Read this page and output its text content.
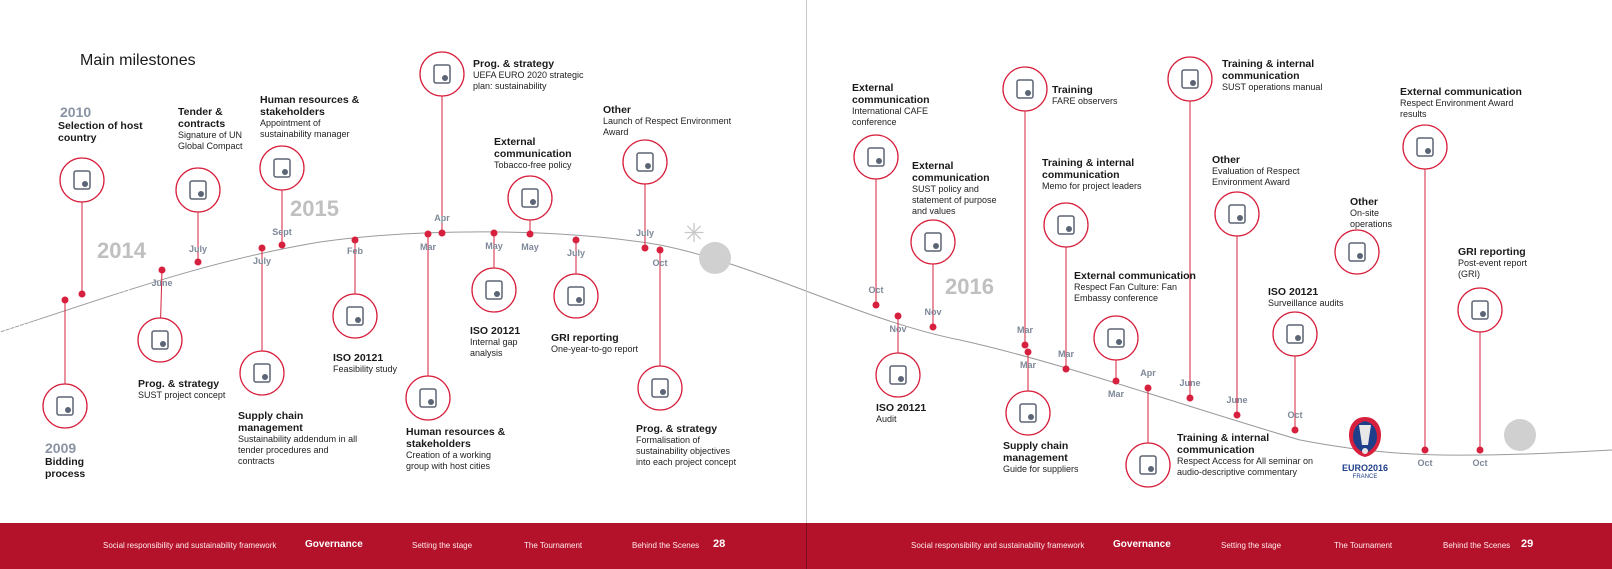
June
July
July
Sept
Feb
Apr
Mar	May May
July
July
Oct
Oct
Nov
Nov
Mar
Mar
Mar
Mar
Apr
June
June
Oct
Oct	Oct
✳
Main milestones
2010
Selection of host country
2009
Bidding process
2014
2015
2016
Tender & contracts
Signature of UN Global Compact
Human resources & stakeholders
Appointment of sustainability manager
Prog. & strategy
UEFA EURO 2020 strategic plan: sustainability
External communication
Tobacco-free policy
Other
Launch of Respect Environment Award
Prog. & strategy
SUST project concept
Supply chain management
Sustainability addendum in all tender procedures and contracts
ISO 20121
Feasibility study
Human resources & stakeholders
Creation of a working group with host cities
ISO 20121
Internal gap analysis
GRI reporting
One-year-to-go report
Prog. & strategy
Formalisation of sustainability objectives into each project concept
External communication
International CAFE conference
External communication
SUST policy and statement of purpose and values
Training
FARE observers
Training & internal communication
Memo for project leaders
External communication
Respect Fan Culture: Fan Embassy conference
Training & internal communication
SUST operations manual
Other
Evaluation of Respect Environment Award
Other
On-site operations
External communication
Respect Environment Award results
GRI reporting
Post-event report (GRI)
ISO 20121
Audit
Supply chain management
Guide for suppliers
Training & internal communication
Respect Access for All seminar on audio-descriptive commentary
ISO 20121
Surveillance audits
EURO2016
FRANCE
Social responsibility and sustainability framework	Governance	Setting the stage	The Tournament	Behind the Scenes 28	Social responsibility and sustainability framework	Governance	Setting the stage	The Tournament	Behind the Scenes 29
